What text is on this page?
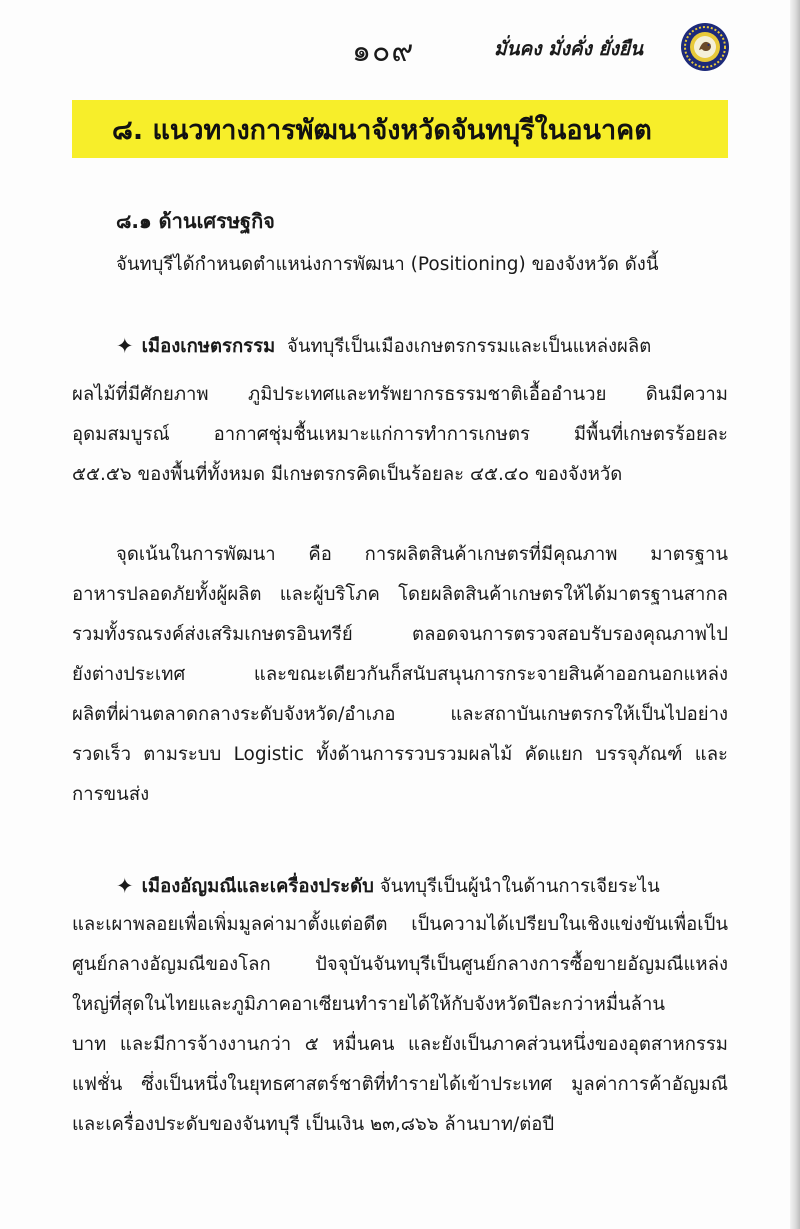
๑๐๙	มั่นคง มั่งคั่ง ยั่งยืน
๘. แนวทางการพัฒนาจังหวัดจันทบุรีในอนาคต
๘.๑ ด้านเศรษฐกิจ
จันทบุรีได้กำหนดตำแหน่งการพัฒนา (Positioning) ของจังหวัด ดังนี้
✦ เมืองเกษตรกรรม จันทบุรีเป็นเมืองเกษตรกรรมและเป็นแหล่งผลิต
ผลไม้ที่มีศักยภาพ ภูมิประเทศและทรัพยากรธรรมชาติเอื้ออำนวย ดินมีความ
อุดมสมบูรณ์ อากาศชุ่มชื้นเหมาะแก่การทำการเกษตร มีพื้นที่เกษตรร้อยละ
๕๕.๕๖ ของพื้นที่ทั้งหมด มีเกษตรกรคิดเป็นร้อยละ ๔๕.๔๐ ของจังหวัด
จุดเน้นในการพัฒนา คือ การผลิตสินค้าเกษตรที่มีคุณภาพ มาตรฐาน
อาหารปลอดภัยทั้งผู้ผลิต และผู้บริโภค โดยผลิตสินค้าเกษตรให้ได้มาตรฐานสากล
รวมทั้งรณรงค์ส่งเสริมเกษตรอินทรีย์ ตลอดจนการตรวจสอบรับรองคุณภาพไป
ยังต่างประเทศ และขณะเดียวกันก็สนับสนุนการกระจายสินค้าออกนอกแหล่ง
ผลิตที่ผ่านตลาดกลางระดับจังหวัด/อำเภอ และสถาบันเกษตรกรให้เป็นไปอย่าง
รวดเร็ว ตามระบบ Logistic ทั้งด้านการรวบรวมผลไม้ คัดแยก บรรจุภัณฑ์ และ
การขนส่ง
✦ เมืองอัญมณีและเครื่องประดับ จันทบุรีเป็นผู้นำในด้านการเจียระไน
และเผาพลอยเพื่อเพิ่มมูลค่ามาตั้งแต่อดีต เป็นความได้เปรียบในเชิงแข่งขันเพื่อเป็น
ศูนย์กลางอัญมณีของโลก ปัจจุบันจันทบุรีเป็นศูนย์กลางการซื้อขายอัญมณีแหล่ง
ใหญ่ที่สุดในไทยและภูมิภาคอาเซียนทำรายได้ให้กับจังหวัดปีละกว่าหมื่นล้าน
บาท และมีการจ้างงานกว่า ๕ หมื่นคน และยังเป็นภาคส่วนหนึ่งของอุตสาหกรรม
แฟชั่น ซึ่งเป็นหนึ่งในยุทธศาสตร์ชาติที่ทำรายได้เข้าประเทศ มูลค่าการค้าอัญมณี
และเครื่องประดับของจันทบุรี เป็นเงิน ๒๓,๘๖๖ ล้านบาท/ต่อปี
